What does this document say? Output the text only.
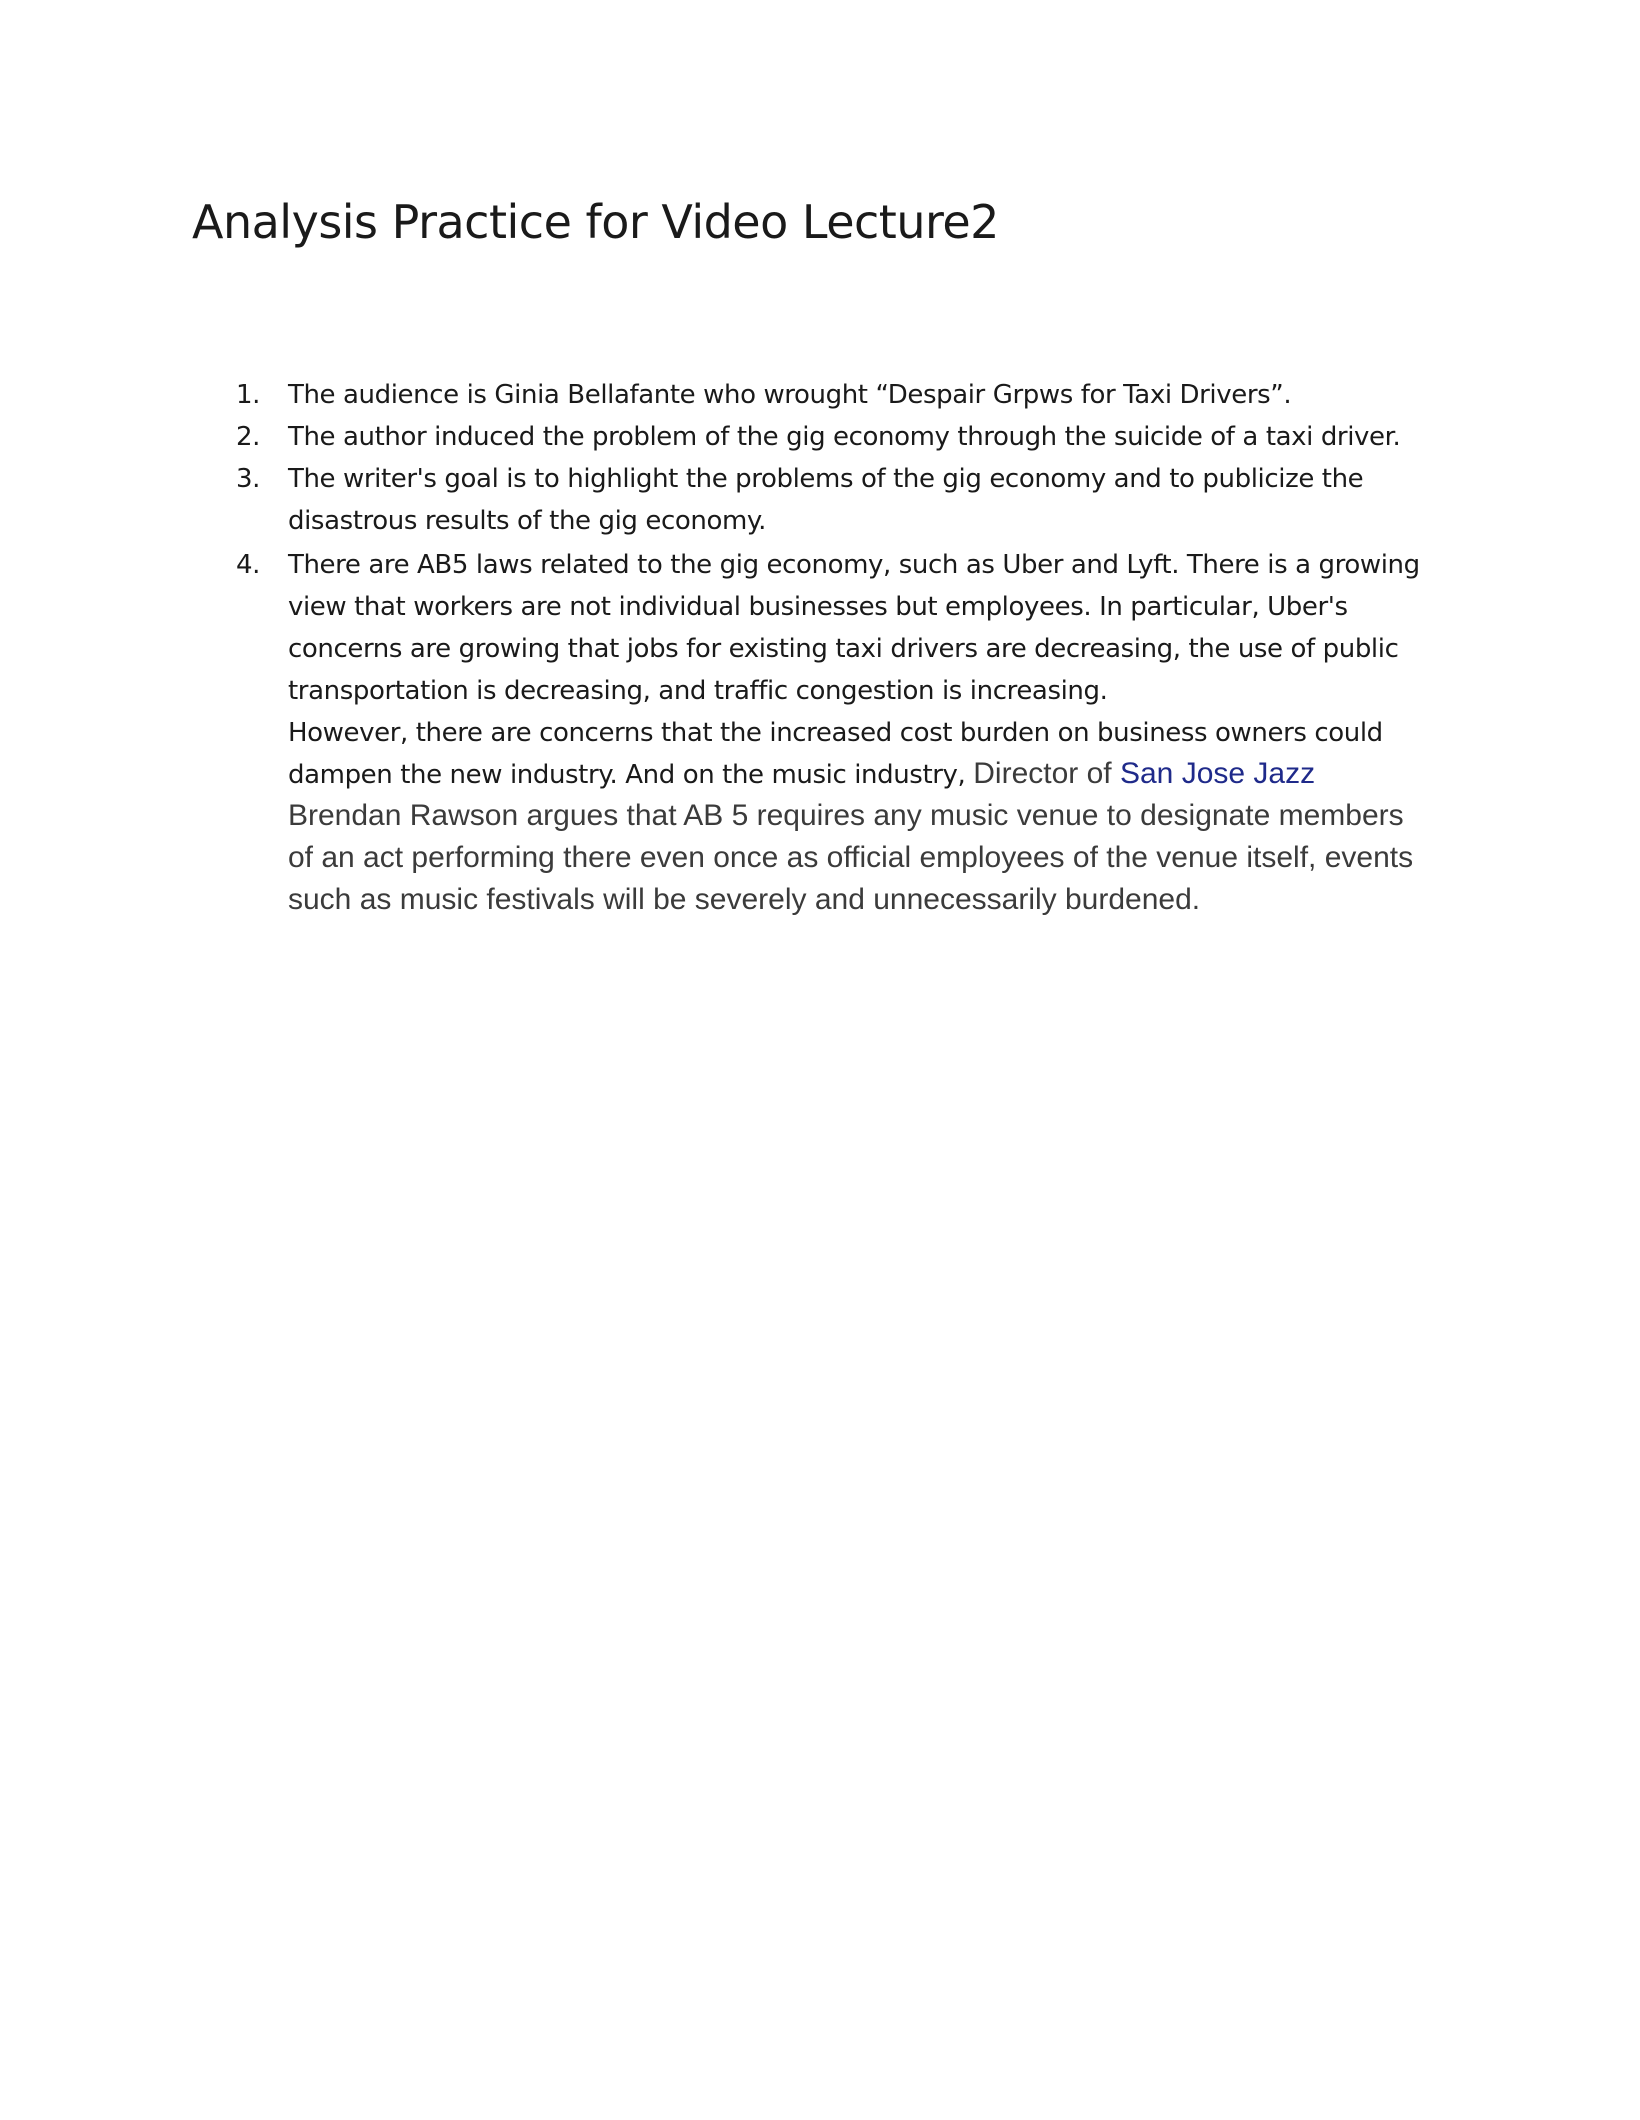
Analysis Practice for Video Lecture2
1.	The audience is Ginia Bellafante who wrought “Despair Grpws for Taxi Drivers”.
2.	The author induced the problem of the gig economy through the suicide of a taxi driver.
3.	The writer's goal is to highlight the problems of the gig economy and to publicize the disastrous results of the gig economy.
4.	There are AB5 laws related to the gig economy, such as Uber and Lyft. There is a growing view that workers are not individual businesses but employees. In particular, Uber's concerns are growing that jobs for existing taxi drivers are decreasing, the use of public transportation is decreasing, and traffic congestion is increasing.
However, there are concerns that the increased cost burden on business owners could dampen the new industry. And on the music industry, Director of San Jose Jazz Brendan Rawson argues that AB 5 requires any music venue to designate members of an act performing there even once as official employees of the venue itself, events such as music festivals will be severely and unnecessarily burdened.
